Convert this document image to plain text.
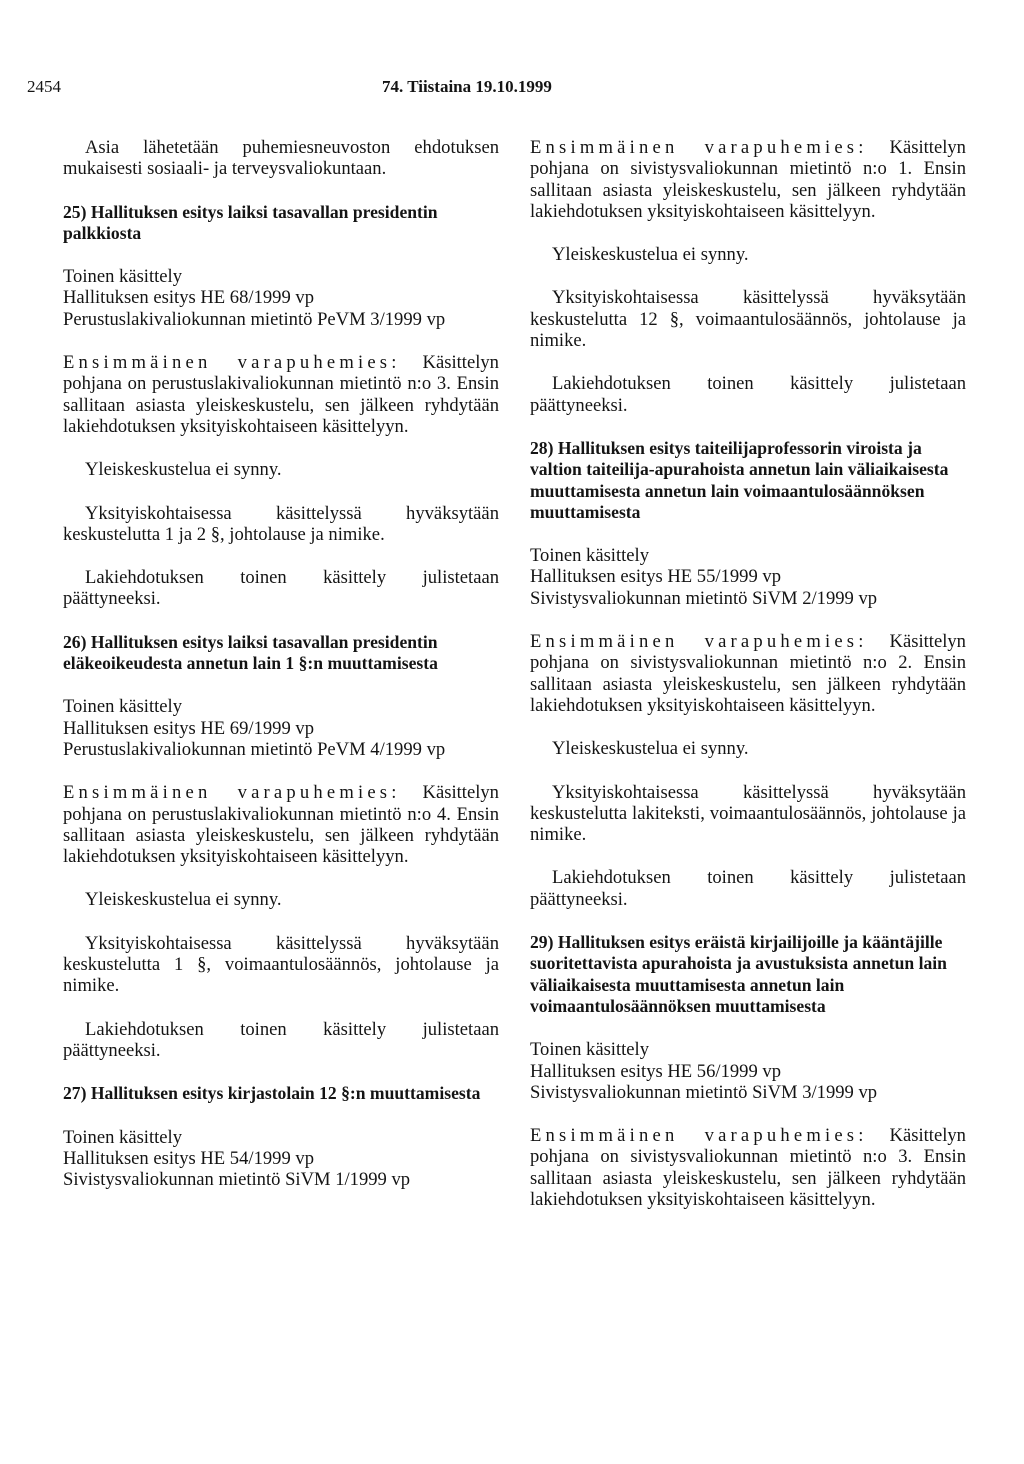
2454	74. Tiistaina 19.10.1999

Asia lähetetään puhemiesneuvoston ehdotuksen mukaisesti sosiaali- ja terveysvaliokuntaan.

25) Hallituksen esitys laiksi tasavallan presidentin palkkiosta

Toinen käsittely
Hallituksen esitys HE 68/1999 vp
Perustuslakivaliokunnan mietintö PeVM 3/1999 vp

Ensimmäinen varapuhemies: Käsittelyn pohjana on perustuslakivaliokunnan mietintö n:o 3. Ensin sallitaan asiasta yleiskeskustelu, sen jälkeen ryhdytään lakiehdotuksen yksityiskohtaiseen käsittelyyn.

Yleiskeskustelua ei synny.

Yksityiskohtaisessa käsittelyssä hyväksytään keskustelutta 1 ja 2 §, johtolause ja nimike.

Lakiehdotuksen toinen käsittely julistetaan päättyneeksi.

26) Hallituksen esitys laiksi tasavallan presidentin eläkeoikeudesta annetun lain 1 §:n muuttamisesta

Toinen käsittely
Hallituksen esitys HE 69/1999 vp
Perustuslakivaliokunnan mietintö PeVM 4/1999 vp

Ensimmäinen varapuhemies: Käsittelyn pohjana on perustuslakivaliokunnan mietintö n:o 4. Ensin sallitaan asiasta yleiskeskustelu, sen jälkeen ryhdytään lakiehdotuksen yksityiskohtaiseen käsittelyyn.

Yleiskeskustelua ei synny.

Yksityiskohtaisessa käsittelyssä hyväksytään keskustelutta 1 §, voimaantulosäännös, johtolause ja nimike.

Lakiehdotuksen toinen käsittely julistetaan päättyneeksi.

27) Hallituksen esitys kirjastolain 12 §:n muuttamisesta

Toinen käsittely
Hallituksen esitys HE 54/1999 vp
Sivistysvaliokunnan mietintö SiVM 1/1999 vp

Ensimmäinen varapuhemies: Käsittelyn pohjana on sivistysvaliokunnan mietintö n:o 1. Ensin sallitaan asiasta yleiskeskustelu, sen jälkeen ryhdytään lakiehdotuksen yksityiskohtaiseen käsittelyyn.

Yleiskeskustelua ei synny.

Yksityiskohtaisessa käsittelyssä hyväksytään keskustelutta 12 §, voimaantulosäännös, johtolause ja nimike.

Lakiehdotuksen toinen käsittely julistetaan päättyneeksi.

28) Hallituksen esitys taiteilijaprofessorin viroista ja valtion taiteilija-apurahoista annetun lain väliaikaisesta muuttamisesta annetun lain voimaantulosäännöksen muuttamisesta

Toinen käsittely
Hallituksen esitys HE 55/1999 vp
Sivistysvaliokunnan mietintö SiVM 2/1999 vp

Ensimmäinen varapuhemies: Käsittelyn pohjana on sivistysvaliokunnan mietintö n:o 2. Ensin sallitaan asiasta yleiskeskustelu, sen jälkeen ryhdytään lakiehdotuksen yksityiskohtaiseen käsittelyyn.

Yleiskeskustelua ei synny.

Yksityiskohtaisessa käsittelyssä hyväksytään keskustelutta lakiteksti, voimaantulosäännös, johtolause ja nimike.

Lakiehdotuksen toinen käsittely julistetaan päättyneeksi.

29) Hallituksen esitys eräistä kirjailijoille ja kääntäjille suoritettavista apurahoista ja avustuksista annetun lain väliaikaisesta muuttamisesta annetun lain voimaantulosäännöksen muuttamisesta

Toinen käsittely
Hallituksen esitys HE 56/1999 vp
Sivistysvaliokunnan mietintö SiVM 3/1999 vp

Ensimmäinen varapuhemies: Käsittelyn pohjana on sivistysvaliokunnan mietintö n:o 3. Ensin sallitaan asiasta yleiskeskustelu, sen jälkeen ryhdytään lakiehdotuksen yksityiskohtaiseen käsittelyyn.
